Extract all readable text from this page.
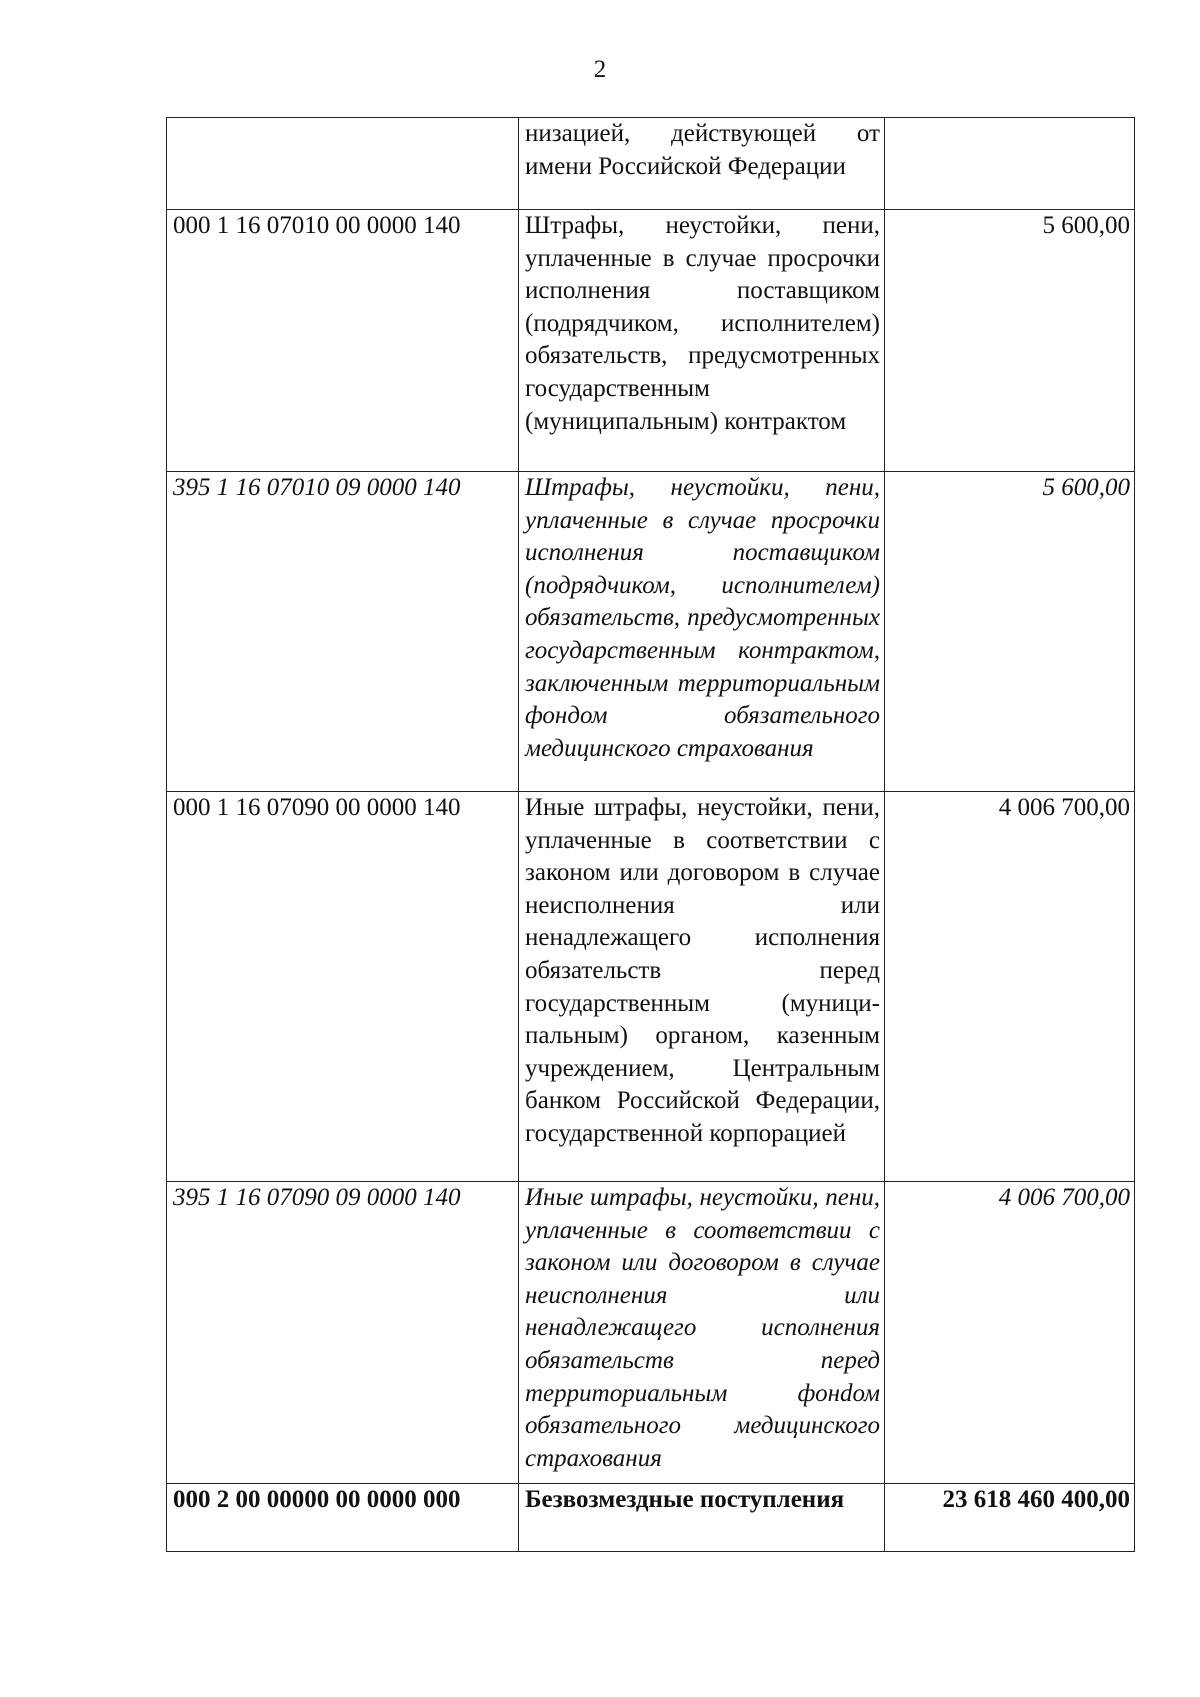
2
	низацией, действующей от имени Российской Федерации	
000 1 16 07010 00 0000 140	Штрафы, неустойки, пени, уплаченные в случае просрочки исполнения поставщиком (подрядчиком, исполнителем) обязательств, предусмотренных государственным (муниципальным) контрактом	5 600,00
395 1 16 07010 09 0000 140	Штрафы, неустойки, пени, уплаченные в случае просрочки исполнения поставщиком (подрядчиком, исполнителем) обязательств, предусмотренных государственным контрактом, заключенным территориальным фондом обязательного медицинского страхования	5 600,00
000 1 16 07090 00 0000 140	Иные штрафы, неустойки, пени, уплаченные в соответствии с законом или договором в случае неисполнения или ненадлежащего исполнения обязательств перед государственным (муниципальным) органом, казенным учреждением, Центральным банком Российской Федерации, государственной корпорацией	4 006 700,00
395 1 16 07090 09 0000 140	Иные штрафы, неустойки, пени, уплаченные в соответствии с законом или договором в случае неисполнения или ненадлежащего исполнения обязательств перед территориальным фонdом обязательного медицинского страхования	4 006 700,00
000 2 00 00000 00 0000 000	Безвозмездные поступления	23 618 460 400,00
